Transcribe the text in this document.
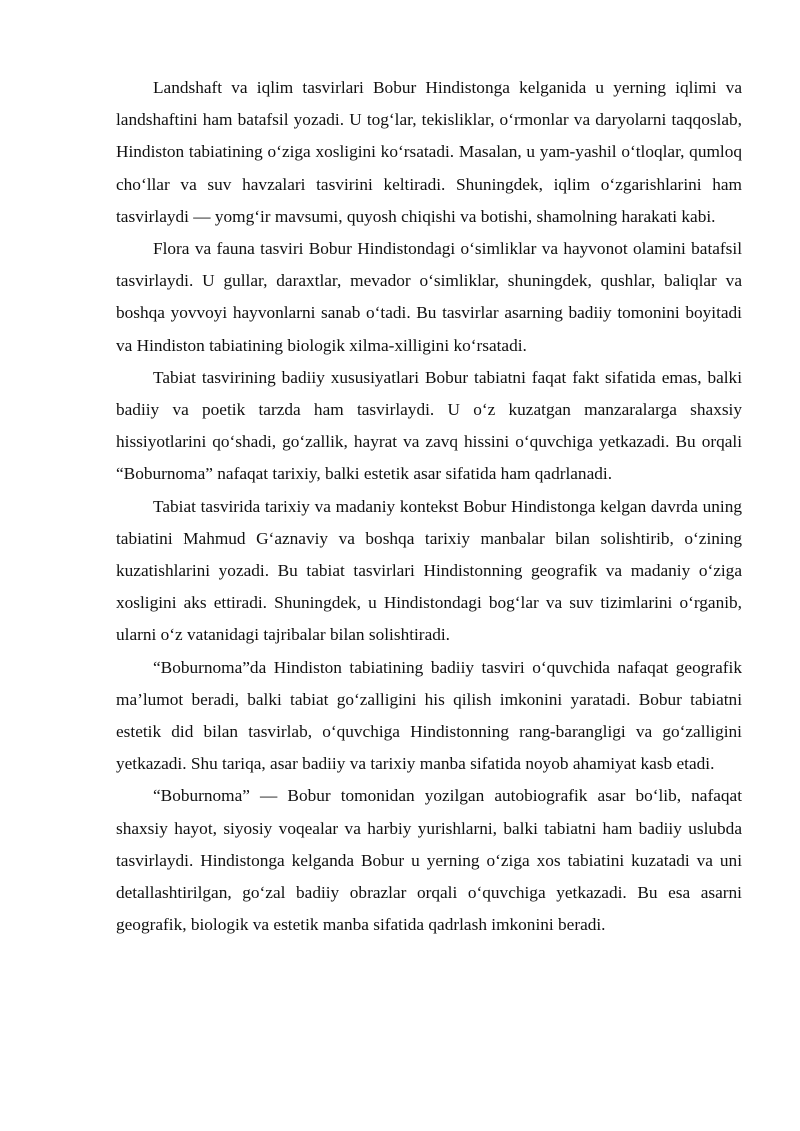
Landshaft va iqlim tasvirlari Bobur Hindistonga kelganida u yerning iqlimi va landshaftini ham batafsil yozadi. U tog‘lar, tekisliklar, o‘rmonlar va daryolarni taqqoslab, Hindiston tabiatining o‘ziga xosligini ko‘rsatadi. Masalan, u yam-yashil o‘tloqlar, qumloq cho‘llar va suv havzalari tasvirini keltiradi. Shuningdek, iqlim o‘zgarishlarini ham tasvirlaydi — yomg‘ir mavsumi, quyosh chiqishi va botishi, shamolning harakati kabi.

Flora va fauna tasviri Bobur Hindistondagi o‘simliklar va hayvonot olamini batafsil tasvirlaydi. U gullar, daraxtlar, mevador o‘simliklar, shuningdek, qushlar, baliqlar va boshqa yovvoyi hayvonlarni sanab o‘tadi. Bu tasvirlar asarning badiiy tomonini boyitadi va Hindiston tabiatining biologik xilma-xilligini ko‘rsatadi.

Tabiat tasvirining badiiy xususiyatlari Bobur tabiatni faqat fakt sifatida emas, balki badiiy va poetik tarzda ham tasvirlaydi. U o‘z kuzatgan manzaralarga shaxsiy hissiyotlarini qo‘shadi, go‘zallik, hayrat va zavq hissini o‘quvchiga yetkazadi. Bu orqali “Boburnoma” nafaqat tarixiy, balki estetik asar sifatida ham qadrlanadi.

Tabiat tasvirida tarixiy va madaniy kontekst Bobur Hindistonga kelgan davrda uning tabiatini Mahmud G‘aznaviy va boshqa tarixiy manbalar bilan solishtirib, o‘zining kuzatishlarini yozadi. Bu tabiat tasvirlari Hindistonning geografik va madaniy o‘ziga xosligini aks ettiradi. Shuningdek, u Hindistondagi bog‘lar va suv tizimlarini o‘rganib, ularni o‘z vatanidagi tajribalar bilan solishtiradi.

“Boburnoma”da Hindiston tabiatining badiiy tasviri o‘quvchida nafaqat geografik ma’lumot beradi, balki tabiat go‘zalligini his qilish imkonini yaratadi. Bobur tabiatni estetik did bilan tasvirlab, o‘quvchiga Hindistonning rang-barangligi va go‘zalligini yetkazadi. Shu tariqa, asar badiiy va tarixiy manba sifatida noyob ahamiyat kasb etadi.

“Boburnoma” — Bobur tomonidan yozilgan autobiografik asar bo‘lib, nafaqat shaxsiy hayot, siyosiy voqealar va harbiy yurishlarni, balki tabiatni ham badiiy uslubda tasvirlaydi. Hindistonga kelganda Bobur u yerning o‘ziga xos tabiatini kuzatadi va uni detallashtirilgan, go‘zal badiiy obrazlar orqali o‘quvchiga yetkazadi. Bu esa asarni geografik, biologik va estetik manba sifatida qadrlash imkonini beradi.
